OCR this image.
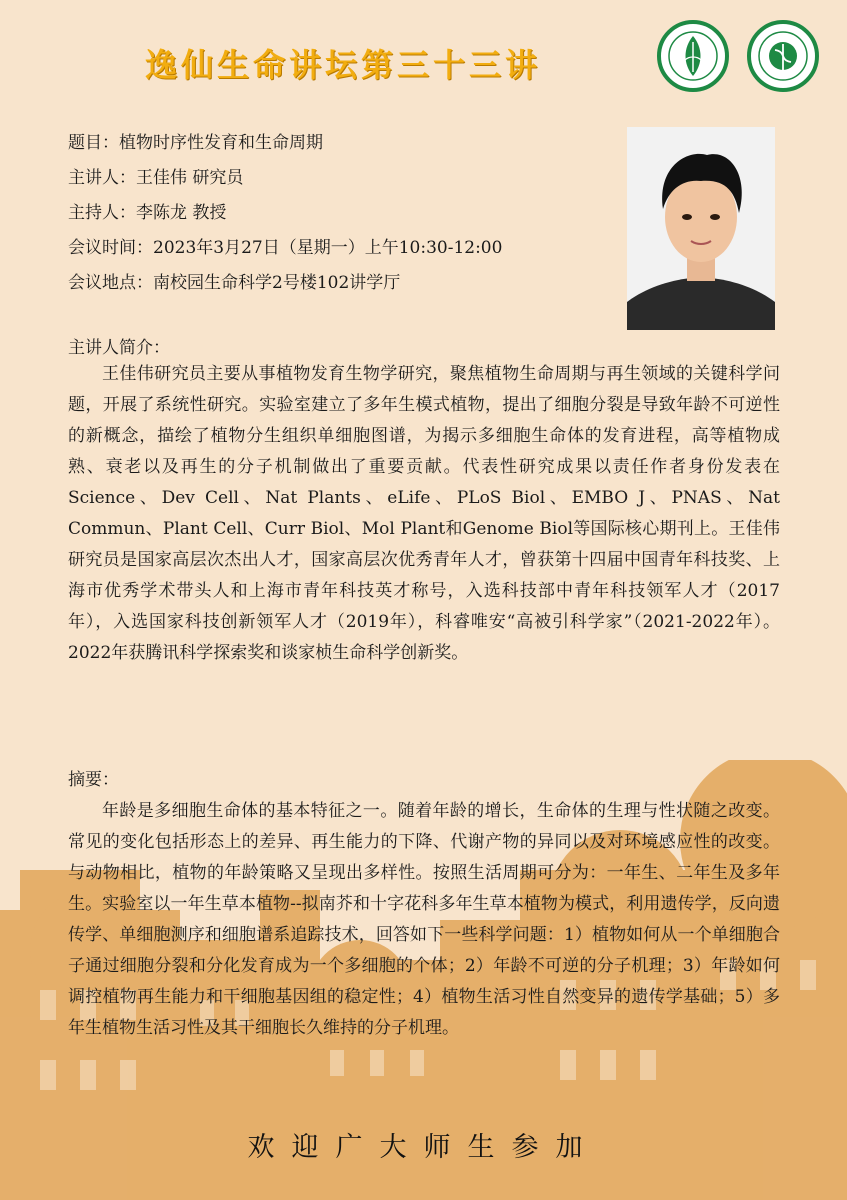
逸仙生命讲坛第三十三讲
题目：植物时序性发育和生命周期
主讲人：王佳伟 研究员
主持人：李陈龙 教授
会议时间：2023年3月27日（星期一）上午10:30-12:00
会议地点：南校园生命科学2号楼102讲学厅
主讲人简介：

王佳伟研究员主要从事植物发育生物学研究，聚焦植物生命周期与再生领域的关键科学问题，开展了系统性研究。实验室建立了多年生模式植物，提出了细胞分裂是导致年龄不可逆性的新概念，描绘了植物分生组织单细胞图谱，为揭示多细胞生命体的发育进程，高等植物成熟、衰老以及再生的分子机制做出了重要贡献。代表性研究成果以责任作者身份发表在Science、Dev Cell、Nat Plants、eLife、PLoS Biol、EMBO J、PNAS、Nat Commun、Plant Cell、Curr Biol、Mol Plant和Genome Biol等国际核心期刊上。王佳伟研究员是国家高层次杰出人才，国家高层次优秀青年人才，曾获第十四届中国青年科技奖、上海市优秀学术带头人和上海市青年科技英才称号，入选科技部中青年科技领军人才（2017年），入选国家科技创新领军人才（2019年），科睿唯安“高被引科学家”（2021-2022年）。2022年获腾讯科学探索奖和谈家桢生命科学创新奖。

摘要：

年龄是多细胞生命体的基本特征之一。随着年龄的增长，生命体的生理与性状随之改变。常见的变化包括形态上的差异、再生能力的下降、代谢产物的异同以及对环境感应性的改变。与动物相比，植物的年龄策略又呈现出多样性。按照生活周期可分为：一年生、二年生及多年生。实验室以一年生草本植物--拟南芥和十字花科多年生草本植物为模式，利用遗传学，反向遗传学、单细胞测序和细胞谱系追踪技术，回答如下一些科学问题：1）植物如何从一个单细胞合子通过细胞分裂和分化发育成为一个多细胞的个体；2）年龄不可逆的分子机理；3）年龄如何调控植物再生能力和干细胞基因组的稳定性；4）植物生活习性自然变异的遗传学基础；5）多年生植物生活习性及其干细胞长久维持的分子机理。

欢迎广大师生参加
